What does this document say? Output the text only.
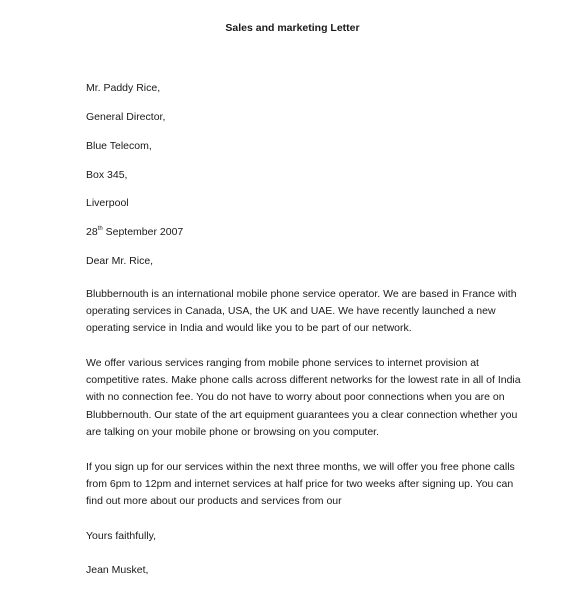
Sales and marketing Letter
Mr. Paddy Rice,
General Director,
Blue Telecom,
Box 345,
Liverpool
28th September 2007
Dear Mr. Rice,
Blubbernouth is an international mobile phone service operator. We are based in France with
operating services in Canada, USA, the UK and UAE. We have recently launched a new
operating service in India and would like you to be part of our network.
We offer various services ranging from mobile phone services to internet provision at
competitive rates. Make phone calls across different networks for the lowest rate in all of India
with no connection fee. You do not have to worry about poor connections when you are on
Blubbernouth. Our state of the art equipment guarantees you a clear connection whether you
are talking on your mobile phone or browsing on you computer.
If you sign up for our services within the next three months, we will offer you free phone calls
from 6pm to 12pm and internet services at half price for two weeks after signing up. You can
find out more about our products and services from our
Yours faithfully,
Jean Musket,
